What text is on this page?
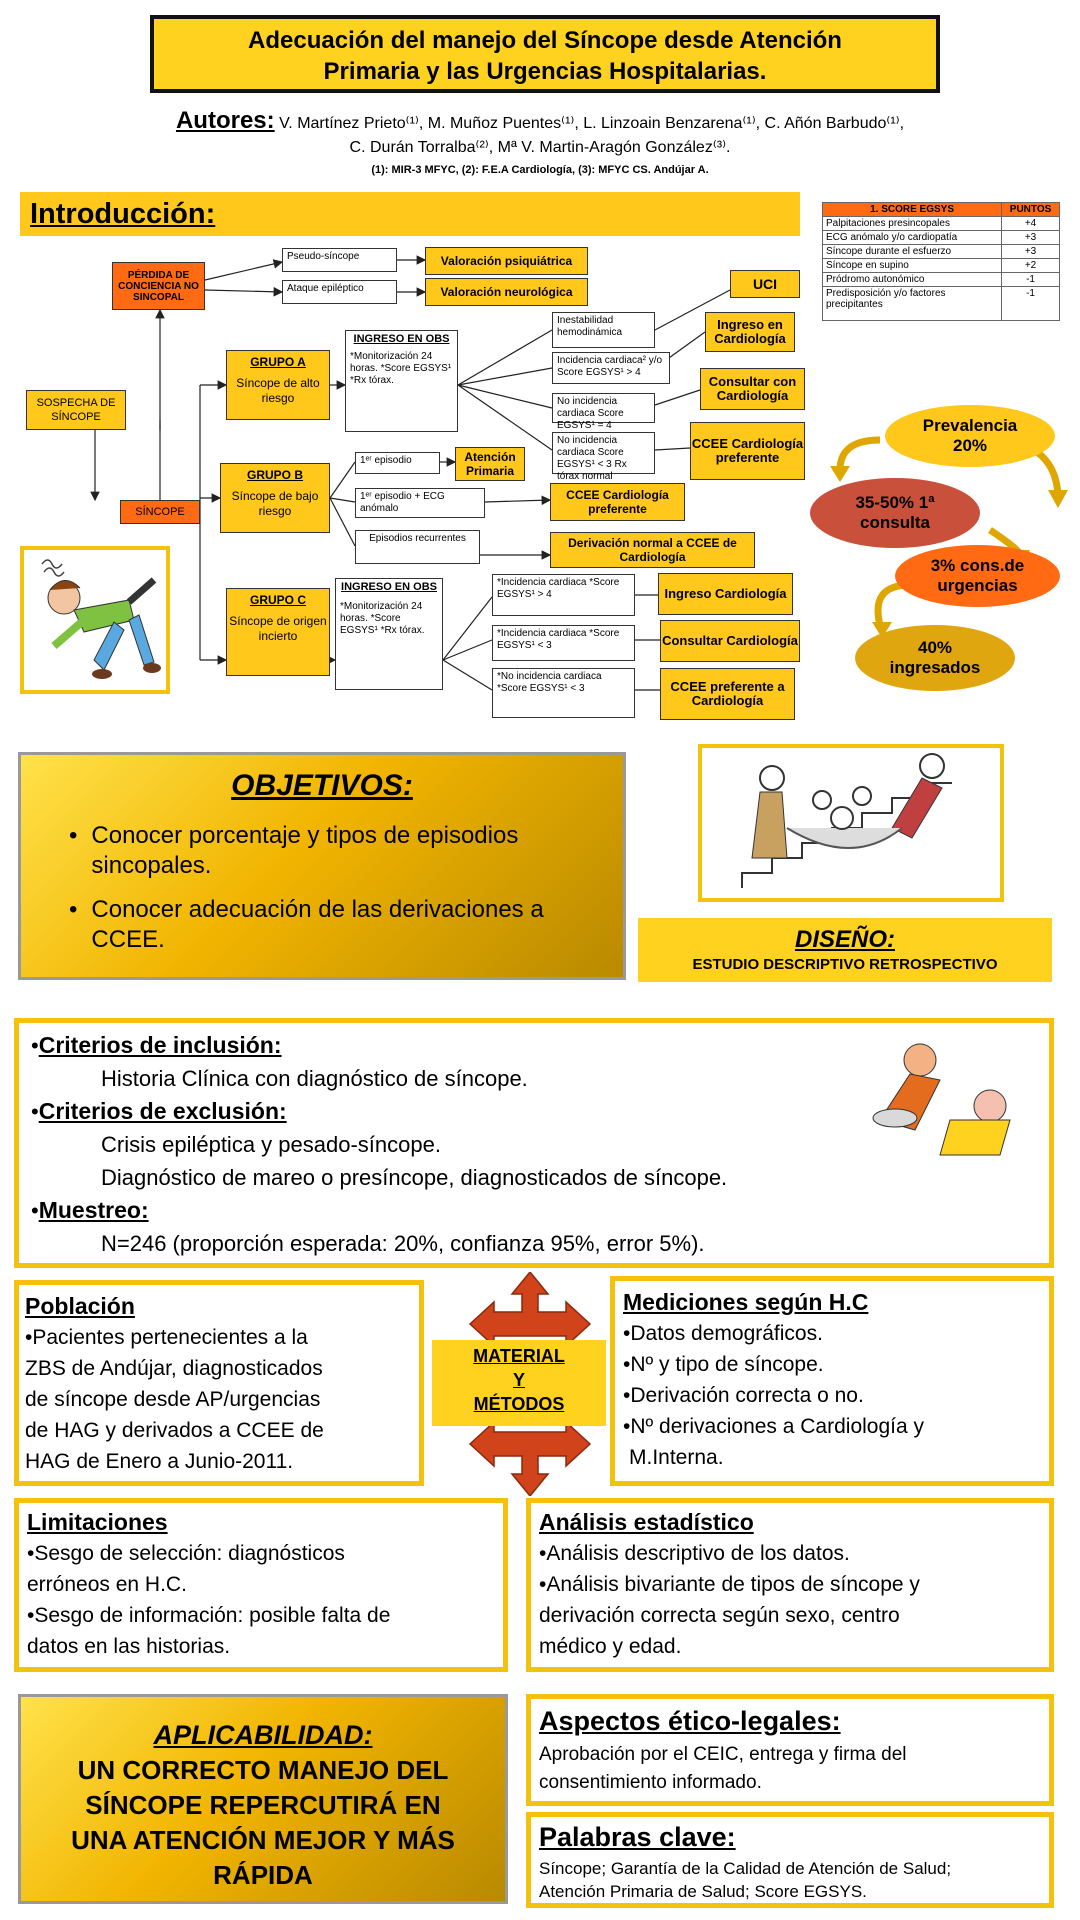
Adecuación del manejo del Síncope desde Atención
Primaria y las Urgencias Hospitalarias.
Autores: V. Martínez Prieto⁽¹⁾, M. Muñoz Puentes⁽¹⁾, L. Linzoain Benzarena⁽¹⁾, C. Añón Barbudo⁽¹⁾,
C. Durán Torralba⁽²⁾, Mª V. Martin-Aragón González⁽³⁾.
(1): MIR-3 MFYC, (2): F.E.A Cardiología, (3): MFYC CS. Andújar A.
Introducción:
PÉRDIDA DE CONCIENCIA NO SINCOPAL
Pseudo-síncope
Ataque epiléptico
Valoración psiquiátrica
Valoración neurológica
SOSPECHA DE SÍNCOPE
SÍNCOPE
GRUPO A
Síncope de alto riesgo
GRUPO B
Síncope de bajo riesgo
GRUPO C
Síncope de origen incierto
INGRESO EN OBS
*Monitorización 24 horas. *Score EGSYS¹ *Rx tórax.
INGRESO EN OBS
*Monitorización 24 horas. *Score EGSYS¹ *Rx tórax.
Inestabilidad hemodinámica
Incidencia cardiaca² y/o Score EGSYS¹ > 4
No incidencia cardiaca Score EGSYS¹ = 4
No incidencia cardiaca Score EGSYS¹ < 3 Rx tórax normal
UCI
Ingreso en Cardiología
Consultar con Cardiología
CCEE Cardiología preferente
1ᵉʳ episodio
1ᵉʳ episodio + ECG anómalo
Episodios recurrentes
Atención Primaria
CCEE Cardiología preferente
Derivación normal a CCEE de Cardiología
*Incidencia cardiaca *Score EGSYS¹ > 4
*Incidencia cardiaca *Score EGSYS¹ < 3
*No incidencia cardiaca *Score EGSYS¹ < 3
Ingreso Cardiología
Consultar Cardiología
CCEE preferente a Cardiología
1. SCORE EGSYS	PUNTOS
Palpitaciones presincopales	+4
ECG anómalo y/o cardiopatía	+3
Síncope durante el esfuerzo	+3
Síncope en supino	+2
Pródromo autonómico	-1
Predisposición y/o factores precipitantes	-1
Prevalencia 20%
35-50% 1ª consulta
3% cons.de urgencias
40% ingresados
OBJETIVOS:
• Conocer porcentaje y tipos de episodios sincopales.
• Conocer adecuación de las derivaciones a CCEE.	DISEÑO:
ESTUDIO DESCRIPTIVO RETROSPECTIVO
•Criterios de inclusión:
Historia Clínica con diagnóstico de síncope.
•Criterios de exclusión:
Crisis epiléptica y pesado-síncope.
Diagnóstico de mareo o presíncope, diagnosticados de síncope.
•Muestreo:
N=246 (proporción esperada: 20%, confianza 95%, error 5%).
Población
•Pacientes pertenecientes a la
ZBS de Andújar, diagnosticados
de síncope desde AP/urgencias
de HAG y derivados a CCEE de
HAG de Enero a Junio-2011.
MATERIAL
Y
MÉTODOS
Mediciones según H.C
•Datos demográficos.
•Nº y tipo de síncope.
•Derivación correcta o no.
•Nº derivaciones a Cardiología y
M.Interna.
Limitaciones
•Sesgo de selección: diagnósticos
erróneos en H.C.
•Sesgo de información: posible falta de
datos en las historias.
Análisis estadístico
•Análisis descriptivo de los datos.
•Análisis bivariante de tipos de síncope y
derivación correcta según sexo, centro
médico y edad.
APLICABILIDAD:
UN CORRECTO MANEJO DEL
SÍNCOPE REPERCUTIRÁ EN
UNA ATENCIÓN MEJOR Y MÁS
RÁPIDA
Aspectos ético-legales:
Aprobación por el CEIC, entrega y firma del
consentimiento informado.
Palabras clave:
Síncope; Garantía de la Calidad de Atención de Salud;
Atención Primaria de Salud; Score EGSYS.
